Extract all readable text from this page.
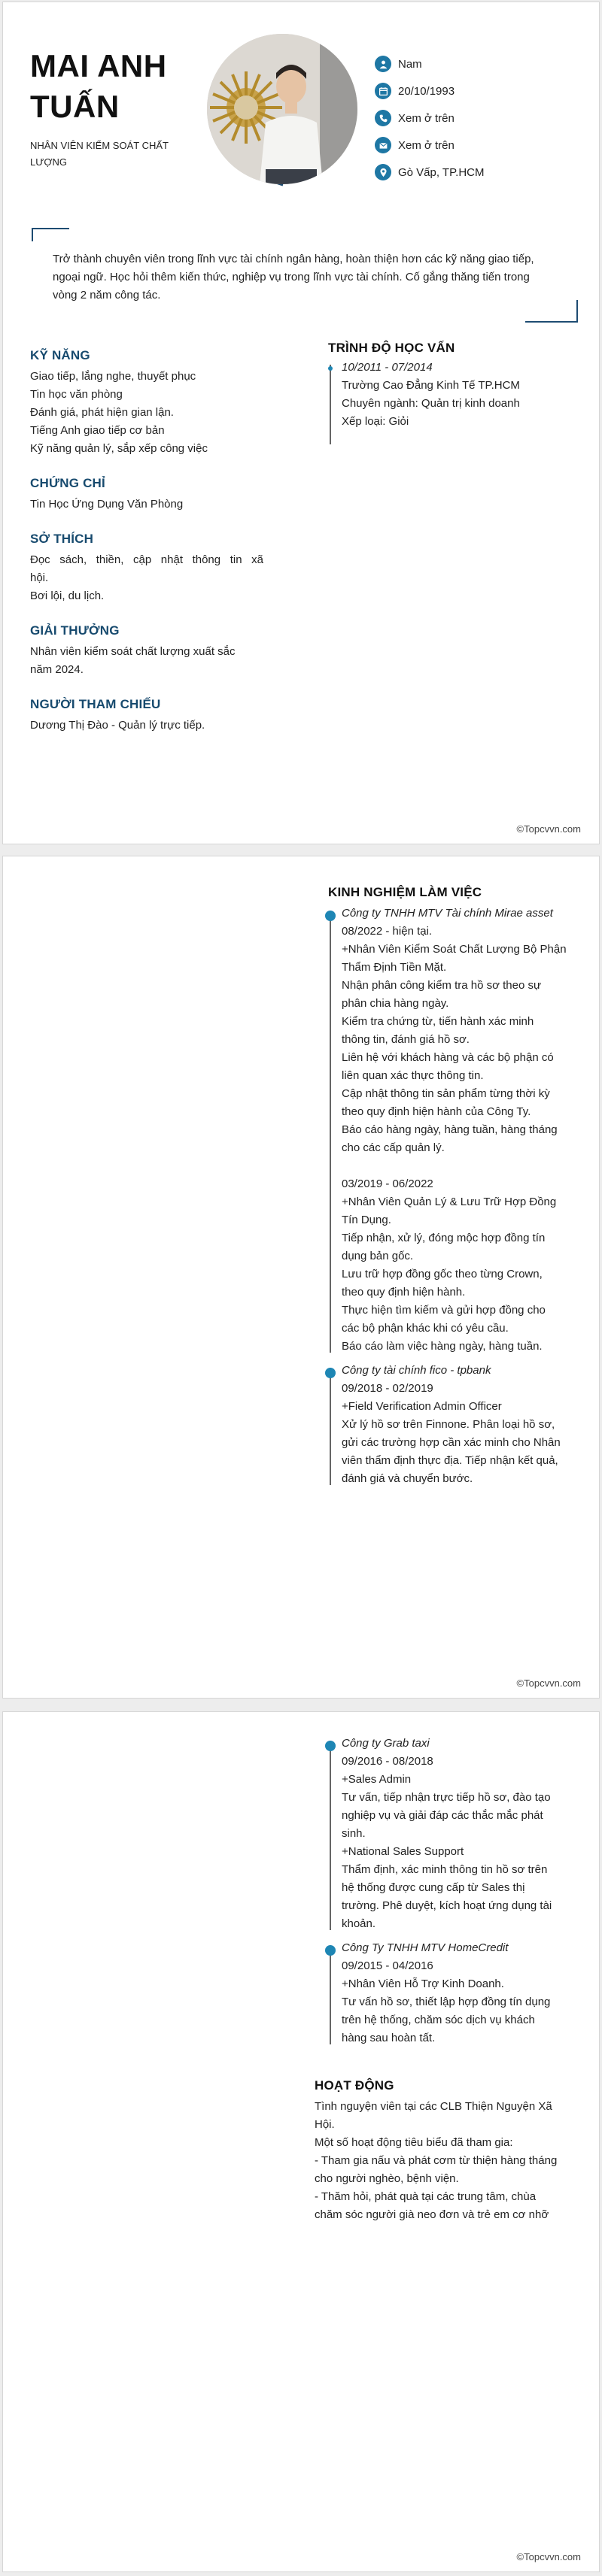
MAI ANH
TUẤN
NHÂN VIÊN KIỂM SOÁT CHẤT LƯỢNG
Nam
20/10/1993
Xem ở trên
Xem ở trên
Gò Vấp, TP.HCM
Trở thành chuyên viên trong lĩnh vực tài chính ngân hàng, hoàn thiện hơn các kỹ năng giao tiếp,
ngoại ngữ. Học hỏi thêm kiến thức, nghiệp vụ trong lĩnh vực tài chính. Cố gắng thăng tiến trong
vòng 2 năm công tác.
KỸ NĂNG
Giao tiếp, lắng nghe, thuyết phục
Tin học văn phòng
Đánh giá, phát hiện gian lận.
Tiếng Anh giao tiếp cơ bản
Kỹ năng quản lý, sắp xếp công việc
CHỨNG CHỈ
Tin Học Ứng Dụng Văn Phòng
SỞ THÍCH
Đọc sách, thiền, cập nhật thông tin xã
hội.
Bơi lội, du lịch.
GIẢI THƯỞNG
Nhân viên kiểm soát chất lượng xuất sắc
năm 2024.
NGƯỜI THAM CHIẾU
Dương Thị Đào - Quản lý trực tiếp.
TRÌNH ĐỘ HỌC VẤN
10/2011 - 07/2014
Trường Cao Đẳng Kinh Tế TP.HCM
Chuyên ngành: Quản trị kinh doanh
Xếp loại: Giỏi
©Topcvvn.com
KINH NGHIỆM LÀM VIỆC
Công ty TNHH MTV Tài chính Mirae asset
08/2022 - hiện tại.
+Nhân Viên Kiểm Soát Chất Lượng Bộ Phận
Thẩm Định Tiền Mặt.
Nhận phân công kiểm tra hồ sơ theo sự
phân chia hàng ngày.
Kiểm tra chứng từ, tiến hành xác minh
thông tin, đánh giá hồ sơ.
Liên hệ với khách hàng và các bộ phận có
liên quan xác thực thông tin.
Cập nhật thông tin sản phẩm từng thời kỳ
theo quy định hiện hành của Công Ty.
Báo cáo hàng ngày, hàng tuần, hàng tháng
cho các cấp quản lý.
03/2019 - 06/2022
+Nhân Viên Quản Lý & Lưu Trữ Hợp Đồng
Tín Dụng.
Tiếp nhận, xử lý, đóng mộc hợp đồng tín
dụng bản gốc.
Lưu trữ hợp đồng gốc theo từng Crown,
theo quy định hiện hành.
Thực hiện tìm kiếm và gửi hợp đồng cho
các bộ phận khác khi có yêu cầu.
Báo cáo làm việc hàng ngày, hàng tuần.
Công ty tài chính fico - tpbank
09/2018 - 02/2019
+Field Verification Admin Officer
Xử lý hồ sơ trên Finnone. Phân loại hồ sơ,
gửi các trường hợp cần xác minh cho Nhân
viên thẩm định thực địa. Tiếp nhận kết quả,
đánh giá và chuyển bước.
©Topcvvn.com
Công ty Grab taxi
09/2016 - 08/2018
+Sales Admin
Tư vấn, tiếp nhận trực tiếp hồ sơ, đào tạo
nghiệp vụ và giải đáp các thắc mắc phát
sinh.
+National Sales Support
Thẩm định, xác minh thông tin hồ sơ trên
hệ thống được cung cấp từ Sales thị
trường. Phê duyệt, kích hoạt ứng dụng tài
khoản.
Công Ty TNHH MTV HomeCredit
09/2015 - 04/2016
+Nhân Viên Hỗ Trợ Kinh Doanh.
Tư vấn hồ sơ, thiết lập hợp đồng tín dụng
trên hệ thống, chăm sóc dịch vụ khách
hàng sau hoàn tất.
HOẠT ĐỘNG
Tình nguyện viên tại các CLB Thiện Nguyện Xã
Hội.
Một số hoạt động tiêu biểu đã tham gia:
- Tham gia nấu và phát cơm từ thiện hàng tháng
cho người nghèo, bệnh viện.
- Thăm hỏi, phát quà tại các trung tâm, chùa
chăm sóc người già neo đơn và trẻ em cơ nhỡ
©Topcvvn.com
